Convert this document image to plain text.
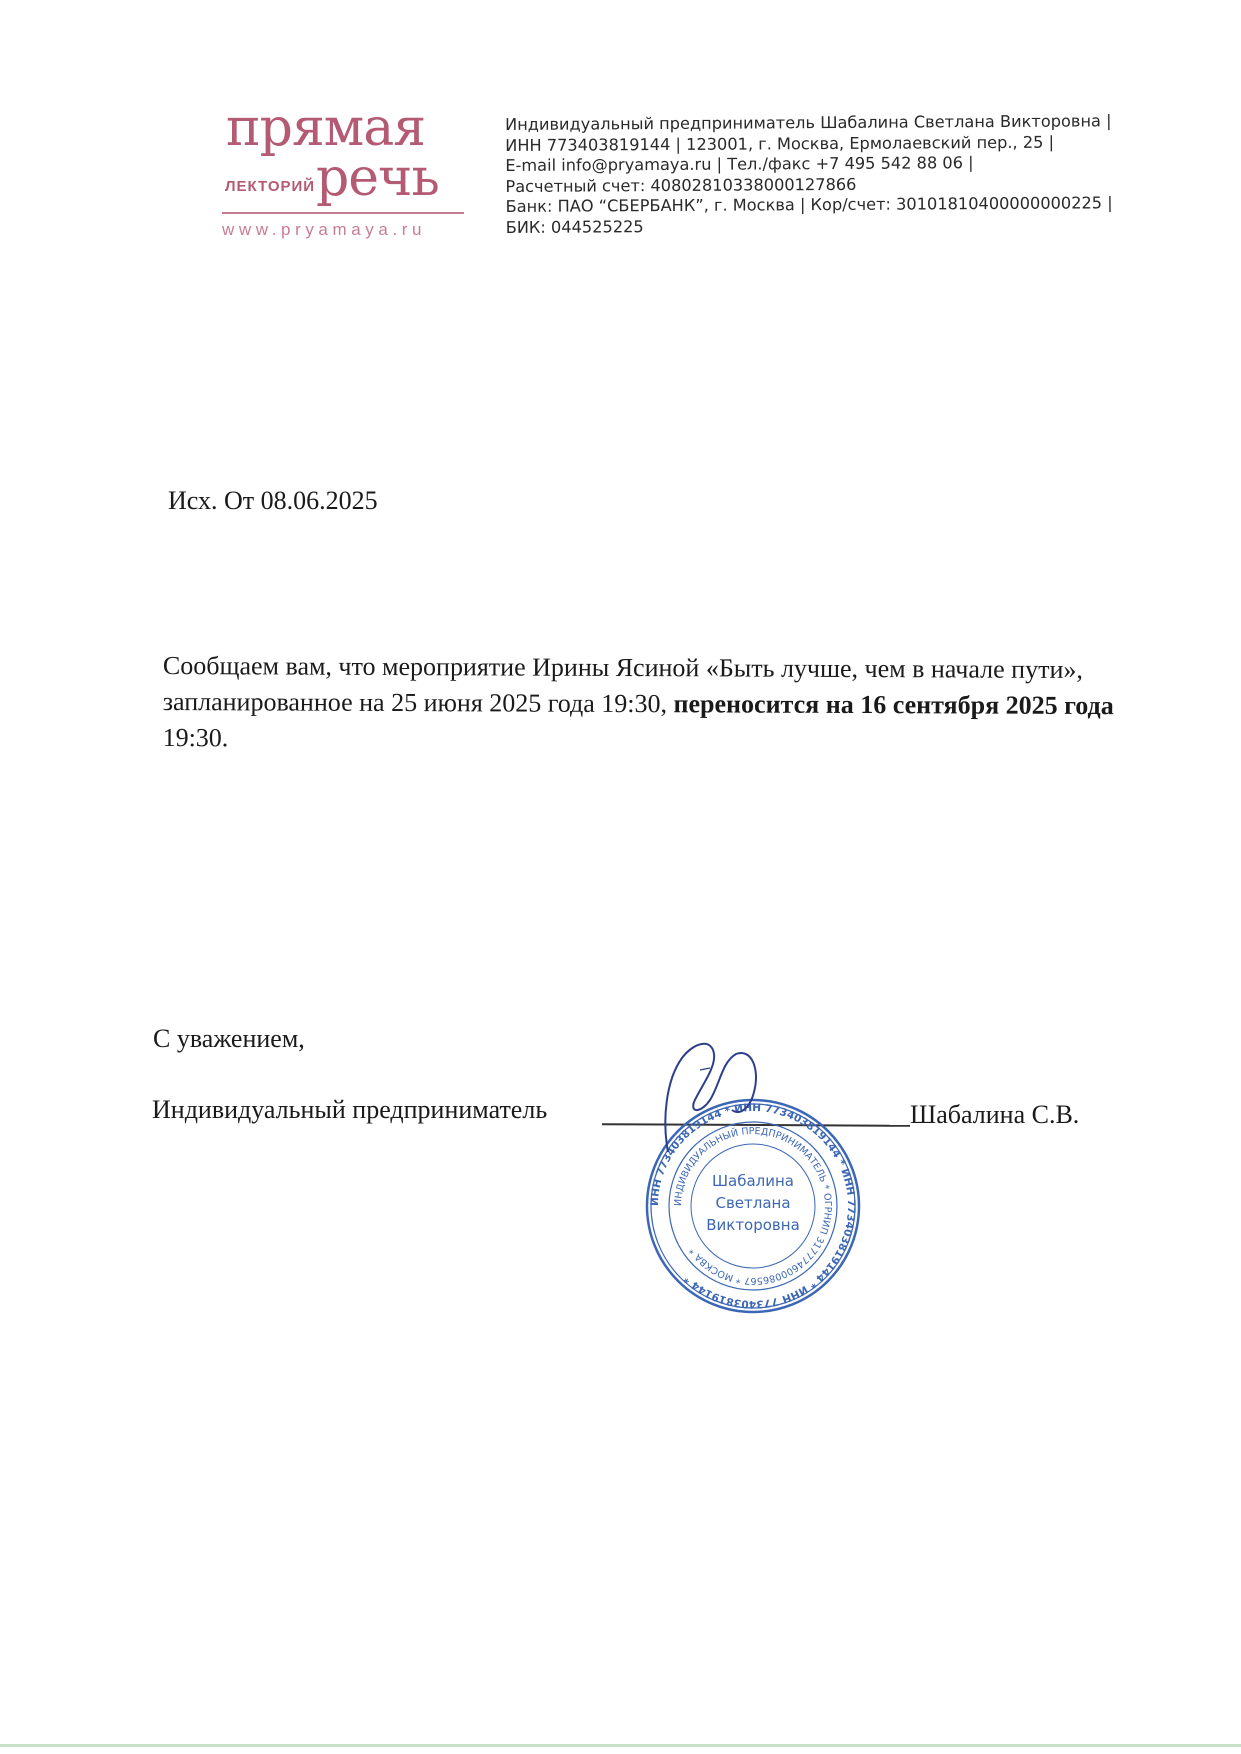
прямая
ЛЕКТОРИЙ речь
www.pryamaya.ru
Индивидуальный предприниматель Шабалина Светлана Викторовна |
ИНН 773403819144 | 123001, г. Москва, Ермолаевский пер., 25 |
E-mail info@pryamaya.ru | Тел./факс +7 495 542 88 06 |
Расчетный счет: 40802810338000127866
Банк: ПАО “СБЕРБАНК”, г. Москва | Кор/счет: 30101810400000000225 |
БИК: 044525225
Исх. От 08.06.2025
Сообщаем вам, что мероприятие Ирины Ясиной «Быть лучше, чем в начале пути», запланированное на 25 июня 2025 года 19:30, переносится на 16 сентября 2025 года 19:30.
С уважением,
Индивидуальный предприниматель	Шабалина С.В.
ИНН 773403819144 * ИНН 773403819144 * ИНН 773403819144 * ИНН 773403819144 *
ИНДИВИДУАЛЬНЫЙ ПРЕДПРИНИМАТЕЛЬ * ОГРНИП 317774600086567 * МОСКВА *
Шабалина
Светлана
Викторовна
